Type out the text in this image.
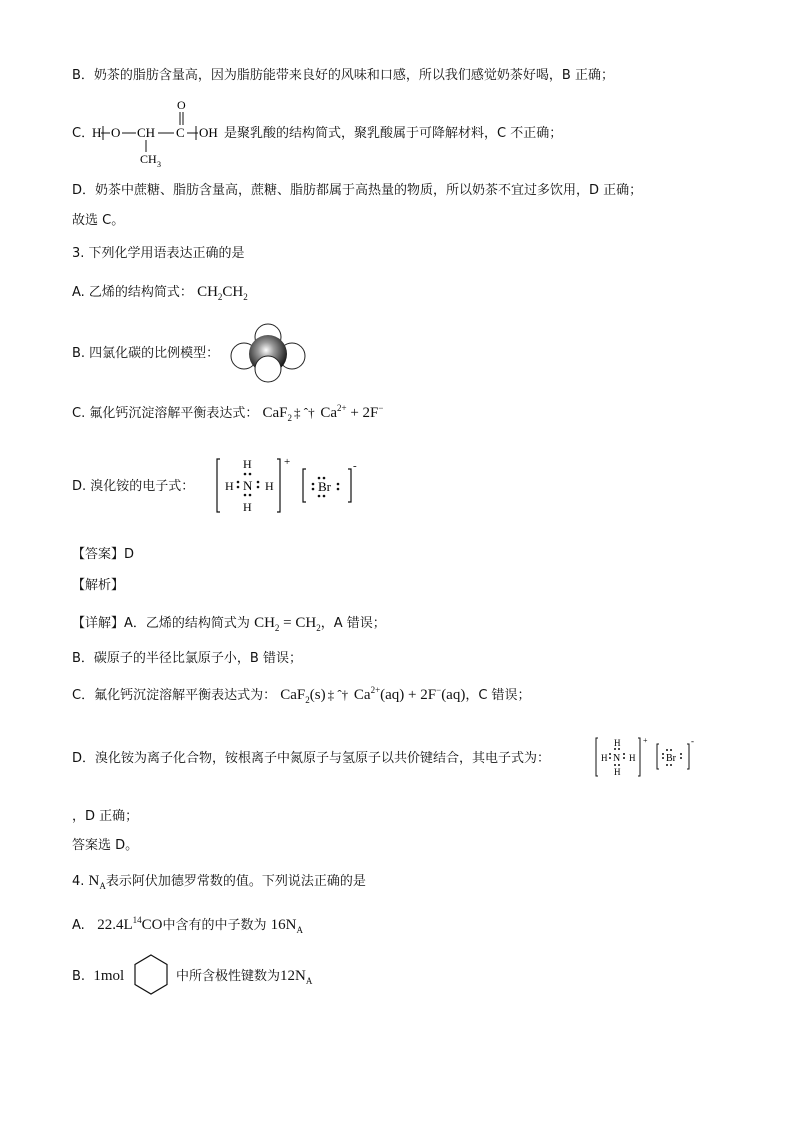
B．奶茶的脂肪含量高，因为脂肪能带来良好的风味和口感，所以我们感觉奶茶好喝，B 正确；
C．
H O CH C
O
OH
CH 3
是聚乳酸的结构简式，聚乳酸属于可降解材料，C 不正确；
D．奶茶中蔗糖、脂肪含量高，蔗糖、脂肪都属于高热量的物质，所以奶茶不宜过多饮用，D 正确；
故选 C。
3. 下列化学用语表达正确的是
A. 乙烯的结构简式： $CH_2CH_2$
B. 四氯化碳的比例模型：
C. 氟化钙沉淀溶解平衡表达式： CaF$_2$ ‡ ˆ† $Ca^{2+} + 2F^-$
D. 溴化铵的电子式：
H
H N H
H
+
Br
-
【答案】D
【解析】
【详解】A．乙烯的结构简式为 $CH_2 = CH_2$，A 错误；
B．碳原子的半径比氯原子小，B 错误；
C．氟化钙沉淀溶解平衡表达式为： CaF$_2$(s) ‡ ˆ† $Ca^{2+}(aq) + 2F^-(aq)$，C 错误；
D．溴化铵为离子化合物，铵根离子中氮原子与氢原子以共价键结合，其电子式为：
H
H N H
H
+
Br
-
，D 正确；
答案选 D。
4. $N_A$表示阿伏加德罗常数的值。下列说法正确的是
A. $22.4L^{14}CO$中含有的中子数为 $16N_A$
B. 1mol	中所含极性键数为$12N_A$
